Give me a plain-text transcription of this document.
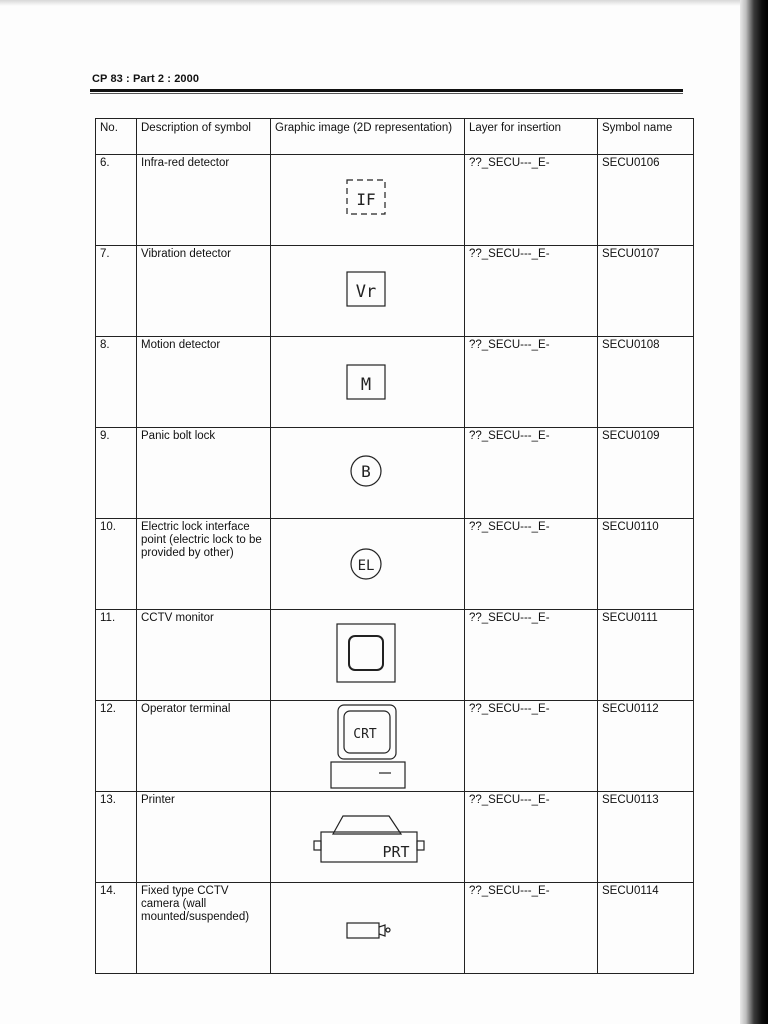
CP 83 : Part 2 : 2000
No.	Description of symbol	Graphic image (2D representation)	Layer for insertion	Symbol name
6.	Infra-red detector	IF	??_SECU---_E-	SECU0106
7.	Vibration detector	Vr	??_SECU---_E-	SECU0107
8.	Motion detector	M	??_SECU---_E-	SECU0108
9.	Panic bolt lock	B	??_SECU---_E-	SECU0109
10.	Electric lock interface point (electric lock to be provided by other)	EL	??_SECU---_E-	SECU0110
11.	CCTV monitor		??_SECU---_E-	SECU0111
12.	Operator terminal	CRT	??_SECU---_E-	SECU0112
13.	Printer	PRT	??_SECU---_E-	SECU0113
14.	Fixed type CCTV camera (wall mounted/suspended)		??_SECU---_E-	SECU0114
